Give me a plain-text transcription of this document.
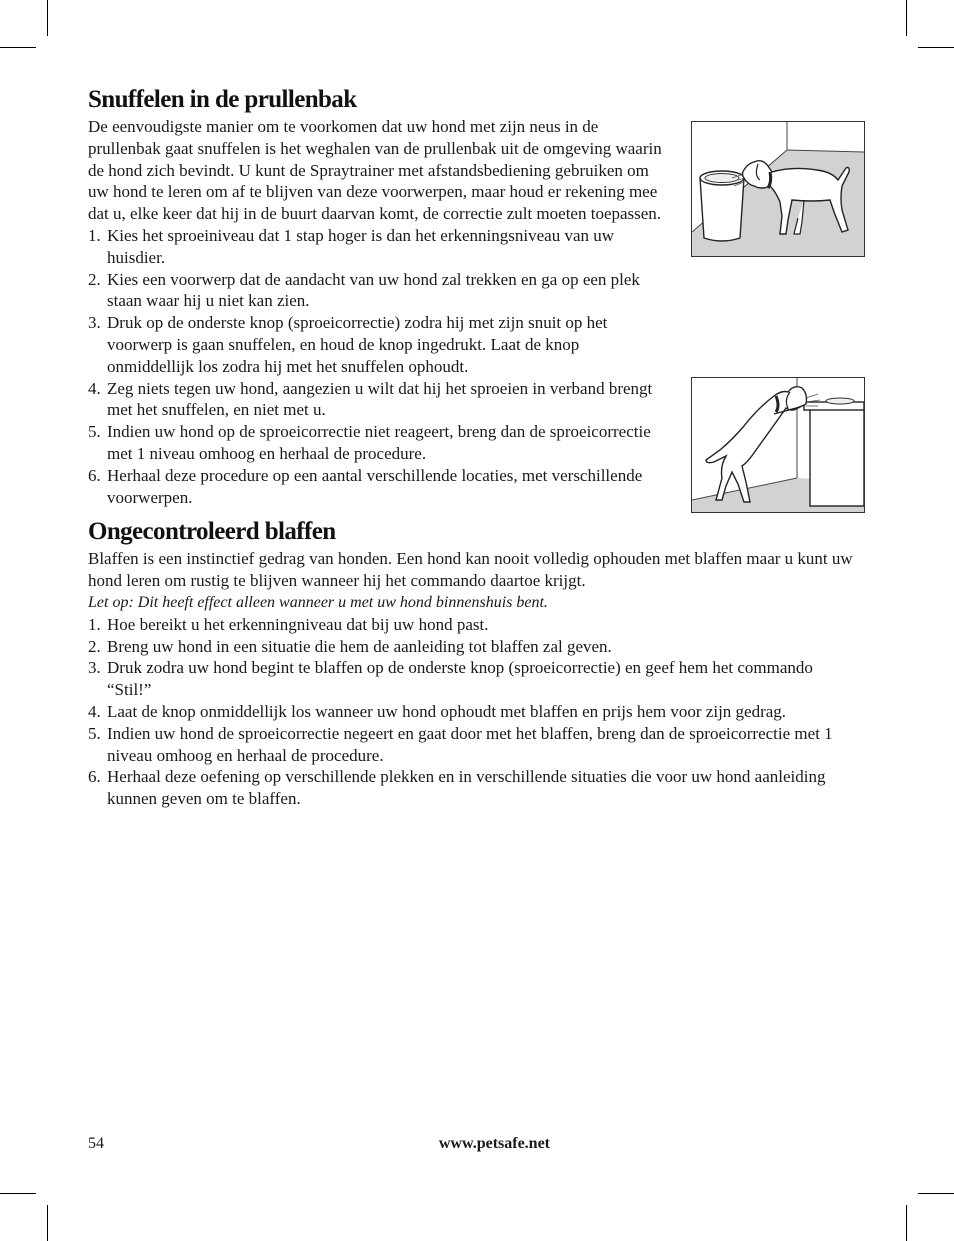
Snuffelen in de prullenbak

De eenvoudigste manier om te voorkomen dat uw hond met zijn neus in de prullenbak gaat snuffelen is het weghalen van de prullenbak uit de omgeving waarin de hond zich bevindt. U kunt de Spraytrainer met afstandsbediening gebruiken om uw hond te leren om af te blijven van deze voorwerpen, maar houd er rekening mee dat u, elke keer dat hij in de buurt daarvan komt, de correctie zult moeten toepassen.

1. Kies het sproeiniveau dat 1 stap hoger is dan het erkenningsniveau van uw huisdier.
2. Kies een voorwerp dat de aandacht van uw hond zal trekken en ga op een plek staan waar hij u niet kan zien.
3. Druk op de onderste knop (sproeicorrectie) zodra hij met zijn snuit op het voorwerp is gaan snuffelen, en houd de knop ingedrukt. Laat de knop onmiddellijk los zodra hij met het snuffelen ophoudt.
4. Zeg niets tegen uw hond, aangezien u wilt dat hij het sproeien in verband brengt met het snuffelen, en niet met u.
5. Indien uw hond op de sproeicorrectie niet reageert, breng dan de sproeicorrectie met 1 niveau omhoog en herhaal de procedure.
6. Herhaal deze procedure op een aantal verschillende locaties, met verschillende voorwerpen.
Ongecontroleerd blaffen

Blaffen is een instinctief gedrag van honden. Een hond kan nooit volledig ophouden met blaffen maar u kunt uw hond leren om rustig te blijven wanneer hij het commando daartoe krijgt.

Let op: Dit heeft effect alleen wanneer u met uw hond binnenshuis bent.

1. Hoe bereikt u het erkenningniveau dat bij uw hond past.
2. Breng uw hond in een situatie die hem de aanleiding tot blaffen zal geven.
3. Druk zodra uw hond begint te blaffen op de onderste knop (sproeicorrectie) en geef hem het commando “Stil!”
4. Laat de knop onmiddellijk los wanneer uw hond ophoudt met blaffen en prijs hem voor zijn gedrag.
5. Indien uw hond de sproeicorrectie negeert en gaat door met het blaffen, breng dan de sproeicorrectie met 1 niveau omhoog en herhaal de procedure.
6. Herhaal deze oefening op verschillende plekken en in verschillende situaties die voor uw hond aanleiding kunnen geven om te blaffen.
54	www.petsafe.net
